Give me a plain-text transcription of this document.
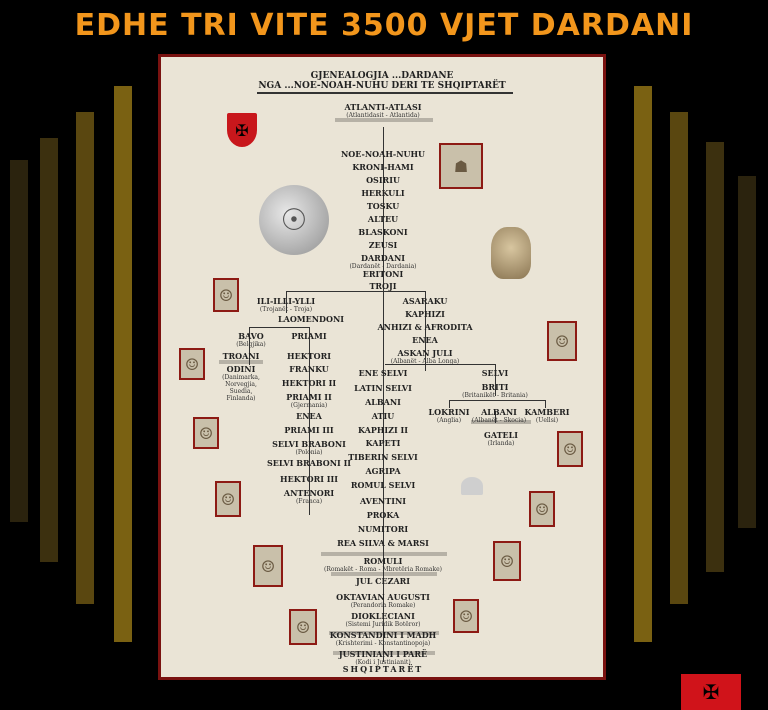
EDHE TRI VITE 3500 VJET DARDANI
GJENEALOGJIA ...DARDANE
NGA ...NOE-NOAH-NUHU DERI TE SHQIPTARËT
✠
☉
☗
☺
☺
☺
☺
☺
☺
☺
☺
☺
☺
☺
✠
ATLANTI-ATLASI
(Atlantidasit - Atlantida)
NOE-NOAH-NUHU
KRONI-HAMI
OSIRIU
HERKULI
TOSKU
ALTEU
BLASKONI
ZEUSI
DARDANI
(Dardanët - Dardania)
ERITONI
TROJI
ILI-ILLI-YLLI
(Trojanët - Troja)
LAOMENDONI
BAVO
(Belgjika)
PRIAMI
TROANI	HEKTORI
ODINI
(Danimarka, Norvegjia, Suedia, Finlanda)
FRANKU
HEKTORI II
PRIAMI II
(Gjermania)
ENEA
PRIAMI III
SELVI BRABONI
(Polonia)
SELVI BRABONI II
HEKTORI III
ANTENORI
(Franca)
ASARAKU
KAPHIZI
ANHIZI & AFRODITA
ENEA
ASKAN JULI
(Albanët - Alba Longa)
ENE SELVI	SELVI
LATIN SELVI	BRITI
(Britanikët - Britania)
ALBANI
LOKRINI
(Anglia)
ALBANI
(Albanët - Skocia)
KAMBERI
(Uellsi)
ATIU
KAPHIZI II	GATELI
(Irlanda)
KAPETI
TIBERIN SELVI
AGRIPA
ROMUL SELVI
AVENTINI
PROKA
NUMITORI
REA SILVA & MARSI
ROMULI
(Romakët - Roma - Mbretëria Romake)
JUL CEZARI
OKTAVIAN AUGUSTI
(Perandoria Romake)
DIOKLECIANI
(Sistemi Juridik Botëror)
KONSTANDINI I MADH
(Krishterimi - Konstantinopoja)
JUSTINIANI I PARË
(Kodi i Justinianit)
SHQIPTARËT
